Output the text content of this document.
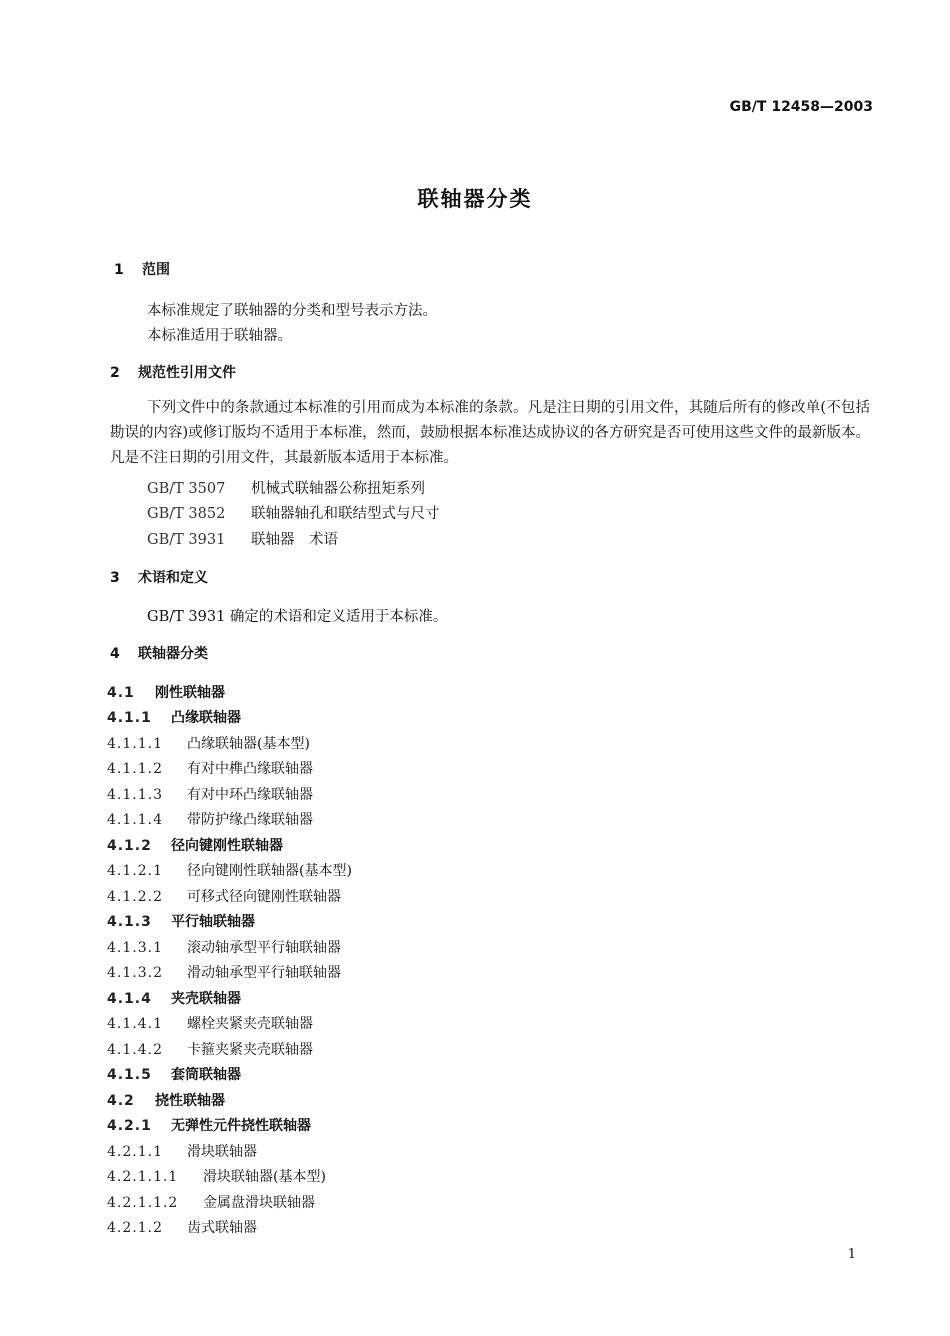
GB/T 12458—2003
联轴器分类
1 范围
本标准规定了联轴器的分类和型号表示方法。
本标准适用于联轴器。
2 规范性引用文件
下列文件中的条款通过本标准的引用而成为本标准的条款。凡是注日期的引用文件，其随后所有的修改单(不包括勘误的内容)或修订版均不适用于本标准，然而，鼓励根据本标准达成协议的各方研究是否可使用这些文件的最新版本。凡是不注日期的引用文件，其最新版本适用于本标准。
GB/T 3507 机械式联轴器公称扭矩系列
GB/T 3852 联轴器轴孔和联结型式与尺寸
GB/T 3931 联轴器　术语
3 术语和定义
GB/T 3931 确定的术语和定义适用于本标准。
4 联轴器分类
4.1 刚性联轴器
4.1.1 凸缘联轴器
4.1.1.1 凸缘联轴器(基本型)
4.1.1.2 有对中榫凸缘联轴器
4.1.1.3 有对中环凸缘联轴器
4.1.1.4 带防护缘凸缘联轴器
4.1.2 径向键刚性联轴器
4.1.2.1 径向键刚性联轴器(基本型)
4.1.2.2 可移式径向键刚性联轴器
4.1.3 平行轴联轴器
4.1.3.1 滚动轴承型平行轴联轴器
4.1.3.2 滑动轴承型平行轴联轴器
4.1.4 夹壳联轴器
4.1.4.1 螺栓夹紧夹壳联轴器
4.1.4.2 卡箍夹紧夹壳联轴器
4.1.5 套筒联轴器
4.2 挠性联轴器
4.2.1 无弹性元件挠性联轴器
4.2.1.1 滑块联轴器
4.2.1.1.1 滑块联轴器(基本型)
4.2.1.1.2 金属盘滑块联轴器
4.2.1.2 齿式联轴器
1
